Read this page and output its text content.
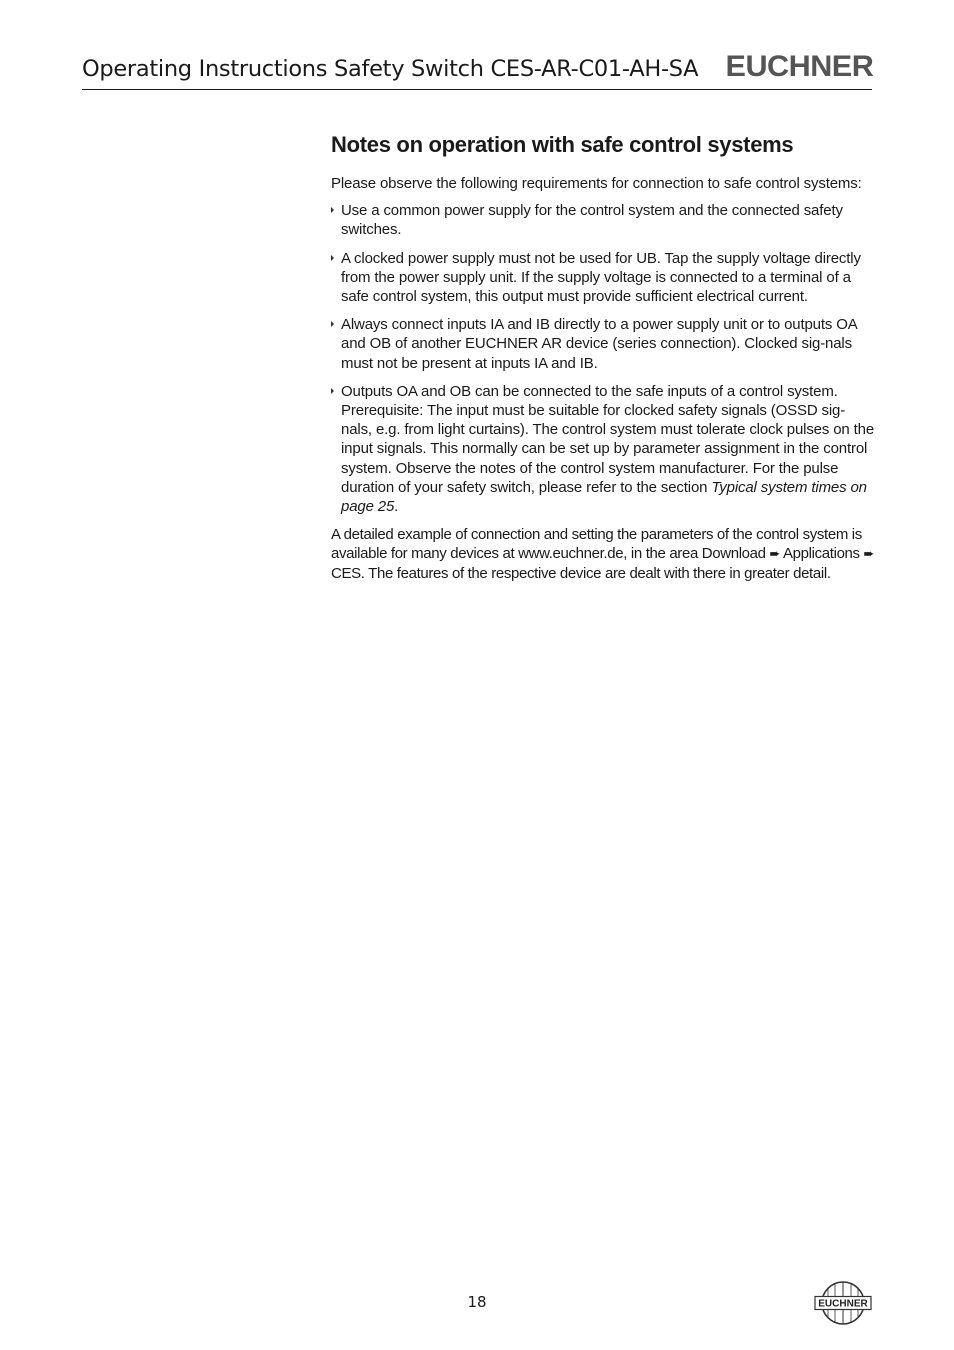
Operating Instructions Safety Switch CES-AR-C01-AH-SA EUCHNER
Notes on operation with safe control systems

Please observe the following requirements for connection to safe control systems:

Use a common power supply for the control system and the connected safety switches.
A clocked power supply must not be used for UB. Tap the supply voltage directly from the power supply unit. If the supply voltage is connected to a terminal of a safe control system, this output must provide sufficient electrical current.
Always connect inputs IA and IB directly to a power supply unit or to outputs OA and OB of another EUCHNER AR device (series connection). Clocked sig-nals must not be present at inputs IA and IB.
Outputs OA and OB can be connected to the safe inputs of a control system. Prerequisite: The input must be suitable for clocked safety signals (OSSD sig-nals, e.g. from light curtains). The control system must tolerate clock pulses on the input signals. This normally can be set up by parameter assignment in the control system. Observe the notes of the control system manufacturer. For the pulse duration of your safety switch, please refer to the section Typical system times on page 25.

A detailed example of connection and setting the parameters of the control system is available for many devices at www.euchner.de, in the area Download ➨ Applications ➨ CES. The features of the respective device are dealt with there in greater detail.

18	EUCHNER
